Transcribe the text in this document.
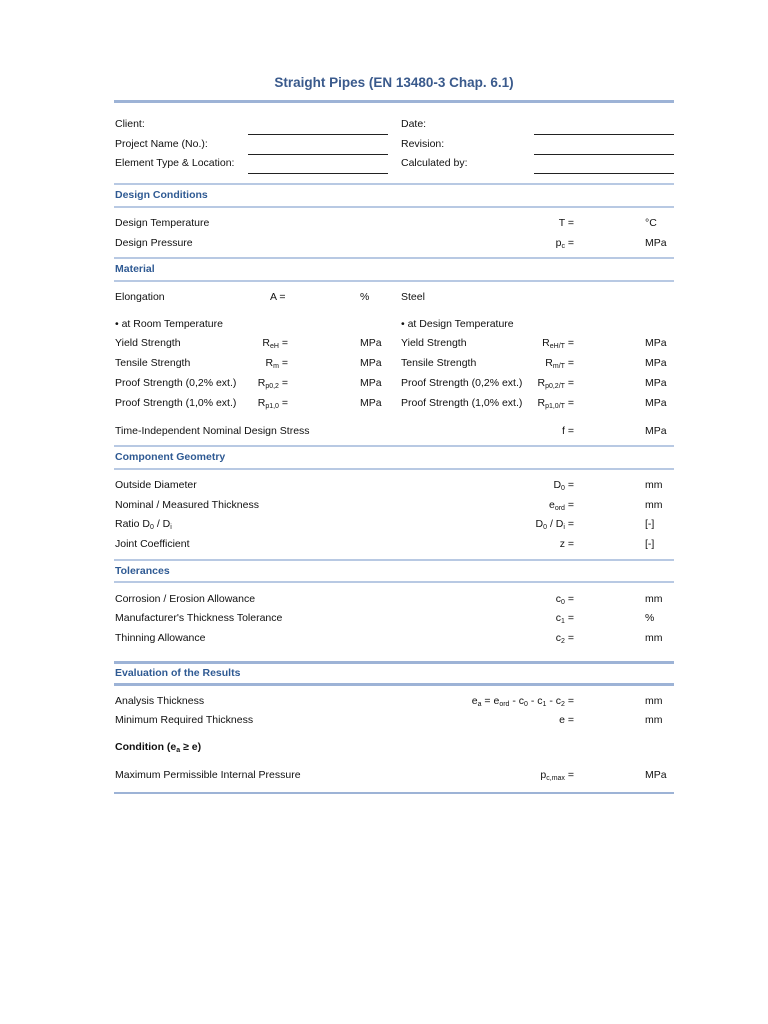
Straight Pipes (EN 13480-3 Chap. 6.1)
Client:
Project Name (No.):
Element Type & Location:
Date:
Revision:
Calculated by:
Design Conditions
Design Temperature	T =	°C
Design Pressure	$p_c$ =	MPa
Material
Elongation	A =	%	Steel
• at Room Temperature	• at Design Temperature
Yield Strength	$R_{eH}$ =	MPa Yield Strength	$R_{eH/T}$ =	MPa
Tensile Strength	$R_m$ =	MPa Tensile Strength	$R_{m/T}$ =	MPa
Proof Strength (0,2% ext.)	$R_{p0,2}$ =	MPa Proof Strength (0,2% ext.)	$R_{p0,2/T}$ =	MPa
Proof Strength (1,0% ext.)	$R_{p1,0}$ =	MPa Proof Strength (1,0% ext.)	$R_{p1,0/T}$ =	MPa
Time-Independent Nominal Design Stress	f =	MPa
Component Geometry
Outside Diameter	$D_0$ =	mm
Nominal / Measured Thickness	$e_{ord}$ =	mm
Ratio $D_0 / D_i$	$D_0 / D_i$ =	[-]
Joint Coefficient	z =	[-]
Tolerances
Corrosion / Erosion Allowance	$c_0$ =	mm
Manufacturer's Thickness Tolerance	$c_1$ =	%
Thinning Allowance	$c_2$ =	mm
Evaluation of the Results
Analysis Thickness	$e_a = e_{ord} - c_0 - c_1 - c_2$ =	mm
Minimum Required Thickness	e =	mm
Condition $(e_a \ge e)$
Maximum Permissible Internal Pressure	$p_{c,max}$ =	MPa
